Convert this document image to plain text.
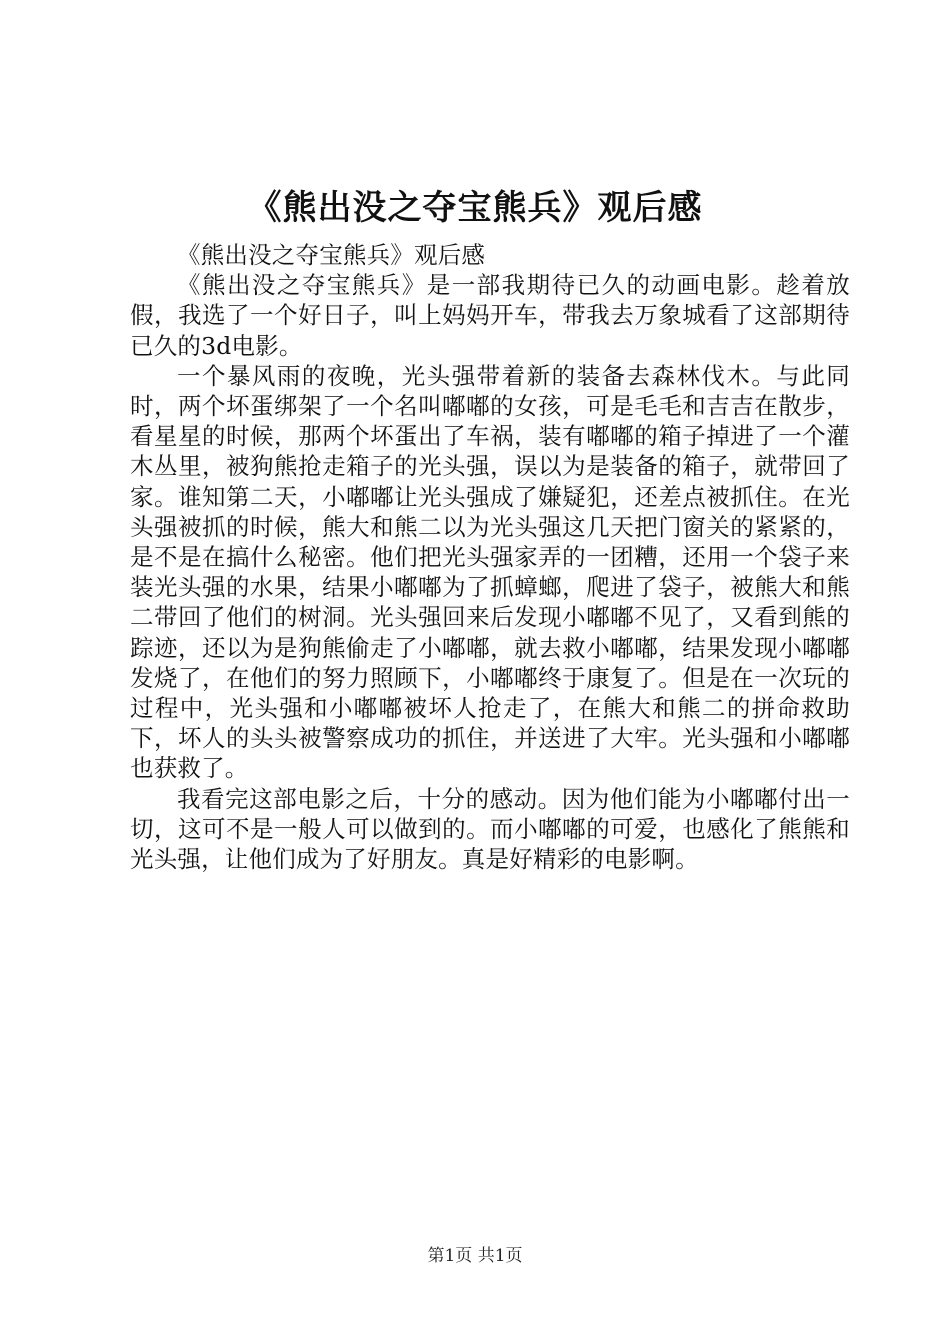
《熊出没之夺宝熊兵》观后感

《熊出没之夺宝熊兵》观后感

《熊出没之夺宝熊兵》是一部我期待已久的动画电影。趁着放假，我选了一个好日子，叫上妈妈开车，带我去万象城看了这部期待已久的3d电影。

一个暴风雨的夜晚，光头强带着新的装备去森林伐木。与此同时，两个坏蛋绑架了一个名叫嘟嘟的女孩，可是毛毛和吉吉在散步，看星星的时候，那两个坏蛋出了车祸，装有嘟嘟的箱子掉进了一个灌木丛里，被狗熊抢走箱子的光头强，误以为是装备的箱子，就带回了家。谁知第二天，小嘟嘟让光头强成了嫌疑犯，还差点被抓住。在光头强被抓的时候，熊大和熊二以为光头强这几天把门窗关的紧紧的，是不是在搞什么秘密。他们把光头强家弄的一团糟，还用一个袋子来装光头强的水果，结果小嘟嘟为了抓蟑螂，爬进了袋子，被熊大和熊二带回了他们的树洞。光头强回来后发现小嘟嘟不见了，又看到熊的踪迹，还以为是狗熊偷走了小嘟嘟，就去救小嘟嘟，结果发现小嘟嘟发烧了，在他们的努力照顾下，小嘟嘟终于康复了。但是在一次玩的过程中，光头强和小嘟嘟被坏人抢走了，在熊大和熊二的拼命救助下，坏人的头头被警察成功的抓住，并送进了大牢。光头强和小嘟嘟也获救了。

我看完这部电影之后，十分的感动。因为他们能为小嘟嘟付出一切，这可不是一般人可以做到的。而小嘟嘟的可爱，也感化了熊熊和光头强，让他们成为了好朋友。真是好精彩的电影啊。

第1页 共1页
